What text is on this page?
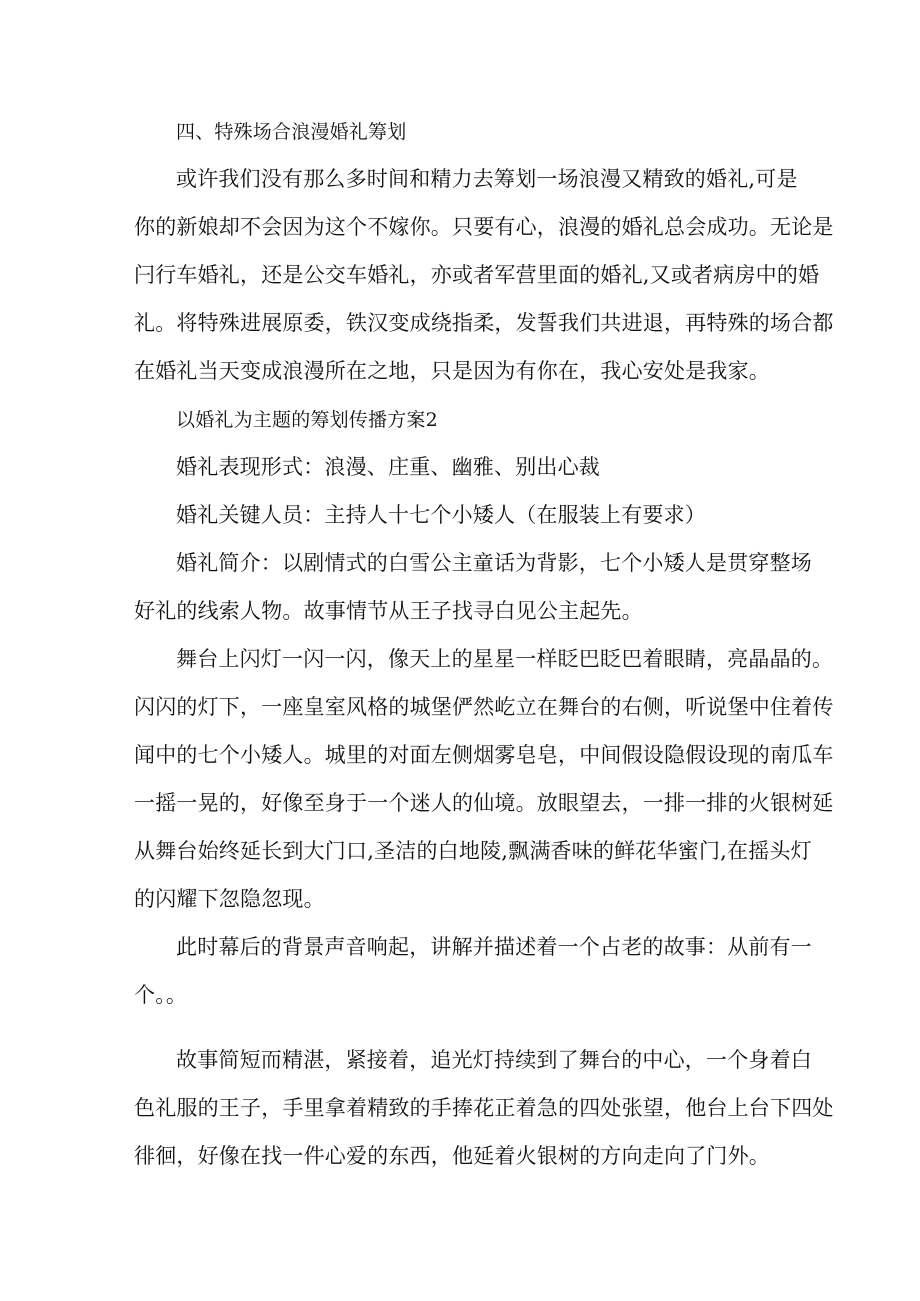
四、特殊场合浪漫婚礼筹划
或许我们没有那么多时间和精力去筹划一场浪漫又精致的婚礼,可是
你的新娘却不会因为这个不嫁你。只要有心，浪漫的婚礼总会成功。无论是
闩行车婚礼，还是公交车婚礼，亦或者军营里面的婚礼,又或者病房中的婚
礼。将特殊进展原委，铁汉变成绕指柔，发誓我们共进退，再特殊的场合都
在婚礼当天变成浪漫所在之地，只是因为有你在，我心安处是我家。
以婚礼为主题的筹划传播方案2
婚礼表现形式：浪漫、庄重、幽雅、别出心裁
婚礼关键人员：主持人十七个小矮人（在服装上有要求）
婚礼简介：以剧情式的白雪公主童话为背影，七个小矮人是贯穿整场
好礼的线索人物。故事情节从王子找寻白见公主起先。
舞台上闪灯一闪一闪，像天上的星星一样眨巴眨巴着眼睛，亮晶晶的。
闪闪的灯下，一座皇室风格的城堡俨然屹立在舞台的右侧，听说堡中住着传
闻中的七个小矮人。城里的对面左侧烟雾皂皂，中间假设隐假设现的南瓜车
一摇一晃的，好像至身于一个迷人的仙境。放眼望去，一排一排的火银树延
从舞台始终延长到大门口,圣洁的白地陵,飘满香味的鲜花华蜜门,在摇头灯
的闪耀下忽隐忽现。
此时幕后的背景声音响起，讲解并描述着一个占老的故事：从前有一
个。。
故事简短而精湛，紧接着，追光灯持续到了舞台的中心，一个身着白
色礼服的王子，手里拿着精致的手捧花正着急的四处张望，他台上台下四处
徘徊，好像在找一件心爱的东西，他延着火银树的方向走向了门外。
